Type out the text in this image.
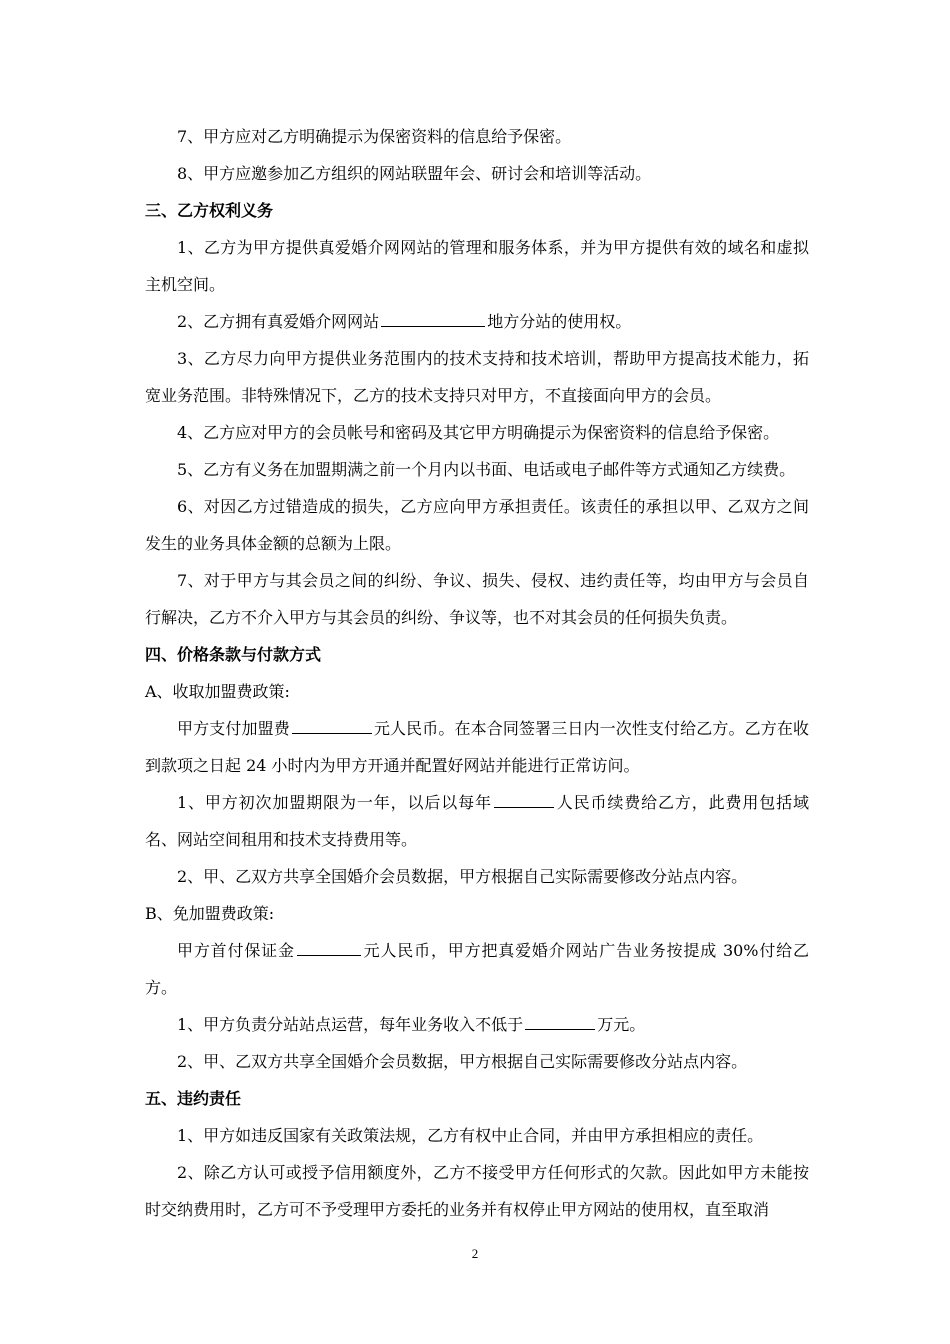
7、甲方应对乙方明确提示为保密资料的信息给予保密。

8、甲方应邀参加乙方组织的网站联盟年会、研讨会和培训等活动。

三、乙方权利义务

1、乙方为甲方提供真爱婚介网网站的管理和服务体系，并为甲方提供有效的域名和虚拟主机空间。

2、乙方拥有真爱婚介网网站	地方分站的使用权。

3、乙方尽力向甲方提供业务范围内的技术支持和技术培训，帮助甲方提高技术能力，拓宽业务范围。非特殊情况下，乙方的技术支持只对甲方，不直接面向甲方的会员。

4、乙方应对甲方的会员帐号和密码及其它甲方明确提示为保密资料的信息给予保密。

5、乙方有义务在加盟期满之前一个月内以书面、电话或电子邮件等方式通知乙方续费。

6、对因乙方过错造成的损失，乙方应向甲方承担责任。该责任的承担以甲、乙双方之间发生的业务具体金额的总额为上限。

7、对于甲方与其会员之间的纠纷、争议、损失、侵权、违约责任等，均由甲方与会员自行解决，乙方不介入甲方与其会员的纠纷、争议等，也不对其会员的任何损失负责。

四、价格条款与付款方式

A、收取加盟费政策:

甲方支付加盟费	元人民币。在本合同签署三日内一次性支付给乙方。乙方在收到款项之日起 24 小时内为甲方开通并配置好网站并能进行正常访问。

1、甲方初次加盟期限为一年，以后以每年	人民币续费给乙方，此费用包括域名、网站空间租用和技术支持费用等。

2、甲、乙双方共享全国婚介会员数据，甲方根据自己实际需要修改分站点内容。

B、免加盟费政策:

甲方首付保证金	元人民币，甲方把真爱婚介网站广告业务按提成 30%付给乙方。

1、甲方负责分站站点运营，每年业务收入不低于	万元。

2、甲、乙双方共享全国婚介会员数据，甲方根据自己实际需要修改分站点内容。

五、违约责任

1、甲方如违反国家有关政策法规，乙方有权中止合同，并由甲方承担相应的责任。

2、除乙方认可或授予信用额度外，乙方不接受甲方任何形式的欠款。因此如甲方未能按时交纳费用时，乙方可不予受理甲方委托的业务并有权停止甲方网站的使用权，直至取消

2
